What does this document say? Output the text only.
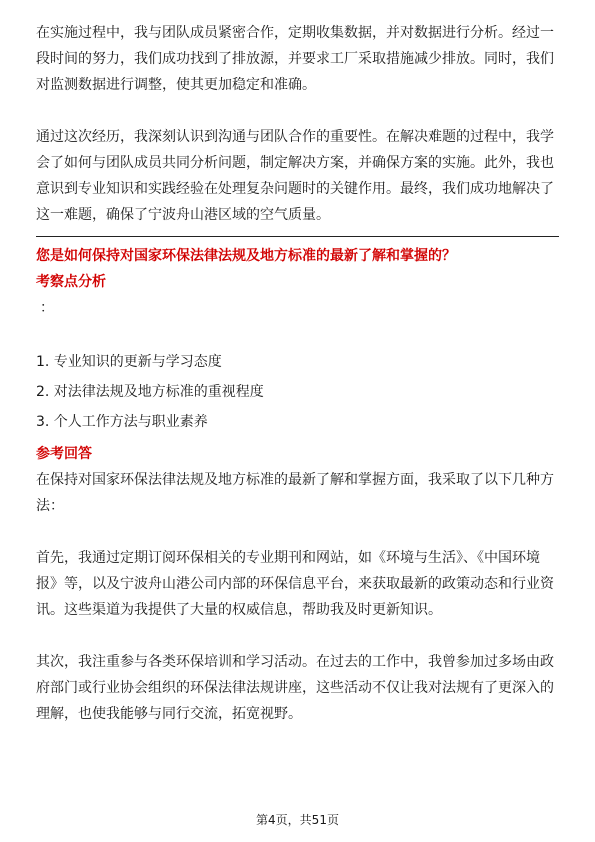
在实施过程中，我与团队成员紧密合作，定期收集数据，并对数据进行分析。经过一段时间的努力，我们成功找到了排放源，并要求工厂采取措施减少排放。同时，我们对监测数据进行调整，使其更加稳定和准确。

通过这次经历，我深刻认识到沟通与团队合作的重要性。在解决难题的过程中，我学会了如何与团队成员共同分析问题，制定解决方案，并确保方案的实施。此外，我也意识到专业知识和实践经验在处理复杂问题时的关键作用。最终，我们成功地解决了这一难题，确保了宁波舟山港区域的空气质量。

您是如何保持对国家环保法律法规及地方标准的最新了解和掌握的？
考察点分析
：
1. 专业知识的更新与学习态度
2. 对法律法规及地方标准的重视程度
3. 个人工作方法与职业素养
参考回答

在保持对国家环保法律法规及地方标准的最新了解和掌握方面，我采取了以下几种方法：

首先，我通过定期订阅环保相关的专业期刊和网站，如《环境与生活》、《中国环境报》等，以及宁波舟山港公司内部的环保信息平台，来获取最新的政策动态和行业资讯。这些渠道为我提供了大量的权威信息，帮助我及时更新知识。

其次，我注重参与各类环保培训和学习活动。在过去的工作中，我曾参加过多场由政府部门或行业协会组织的环保法律法规讲座，这些活动不仅让我对法规有了更深入的理解，也使我能够与同行交流，拓宽视野。

第4页，共51页
